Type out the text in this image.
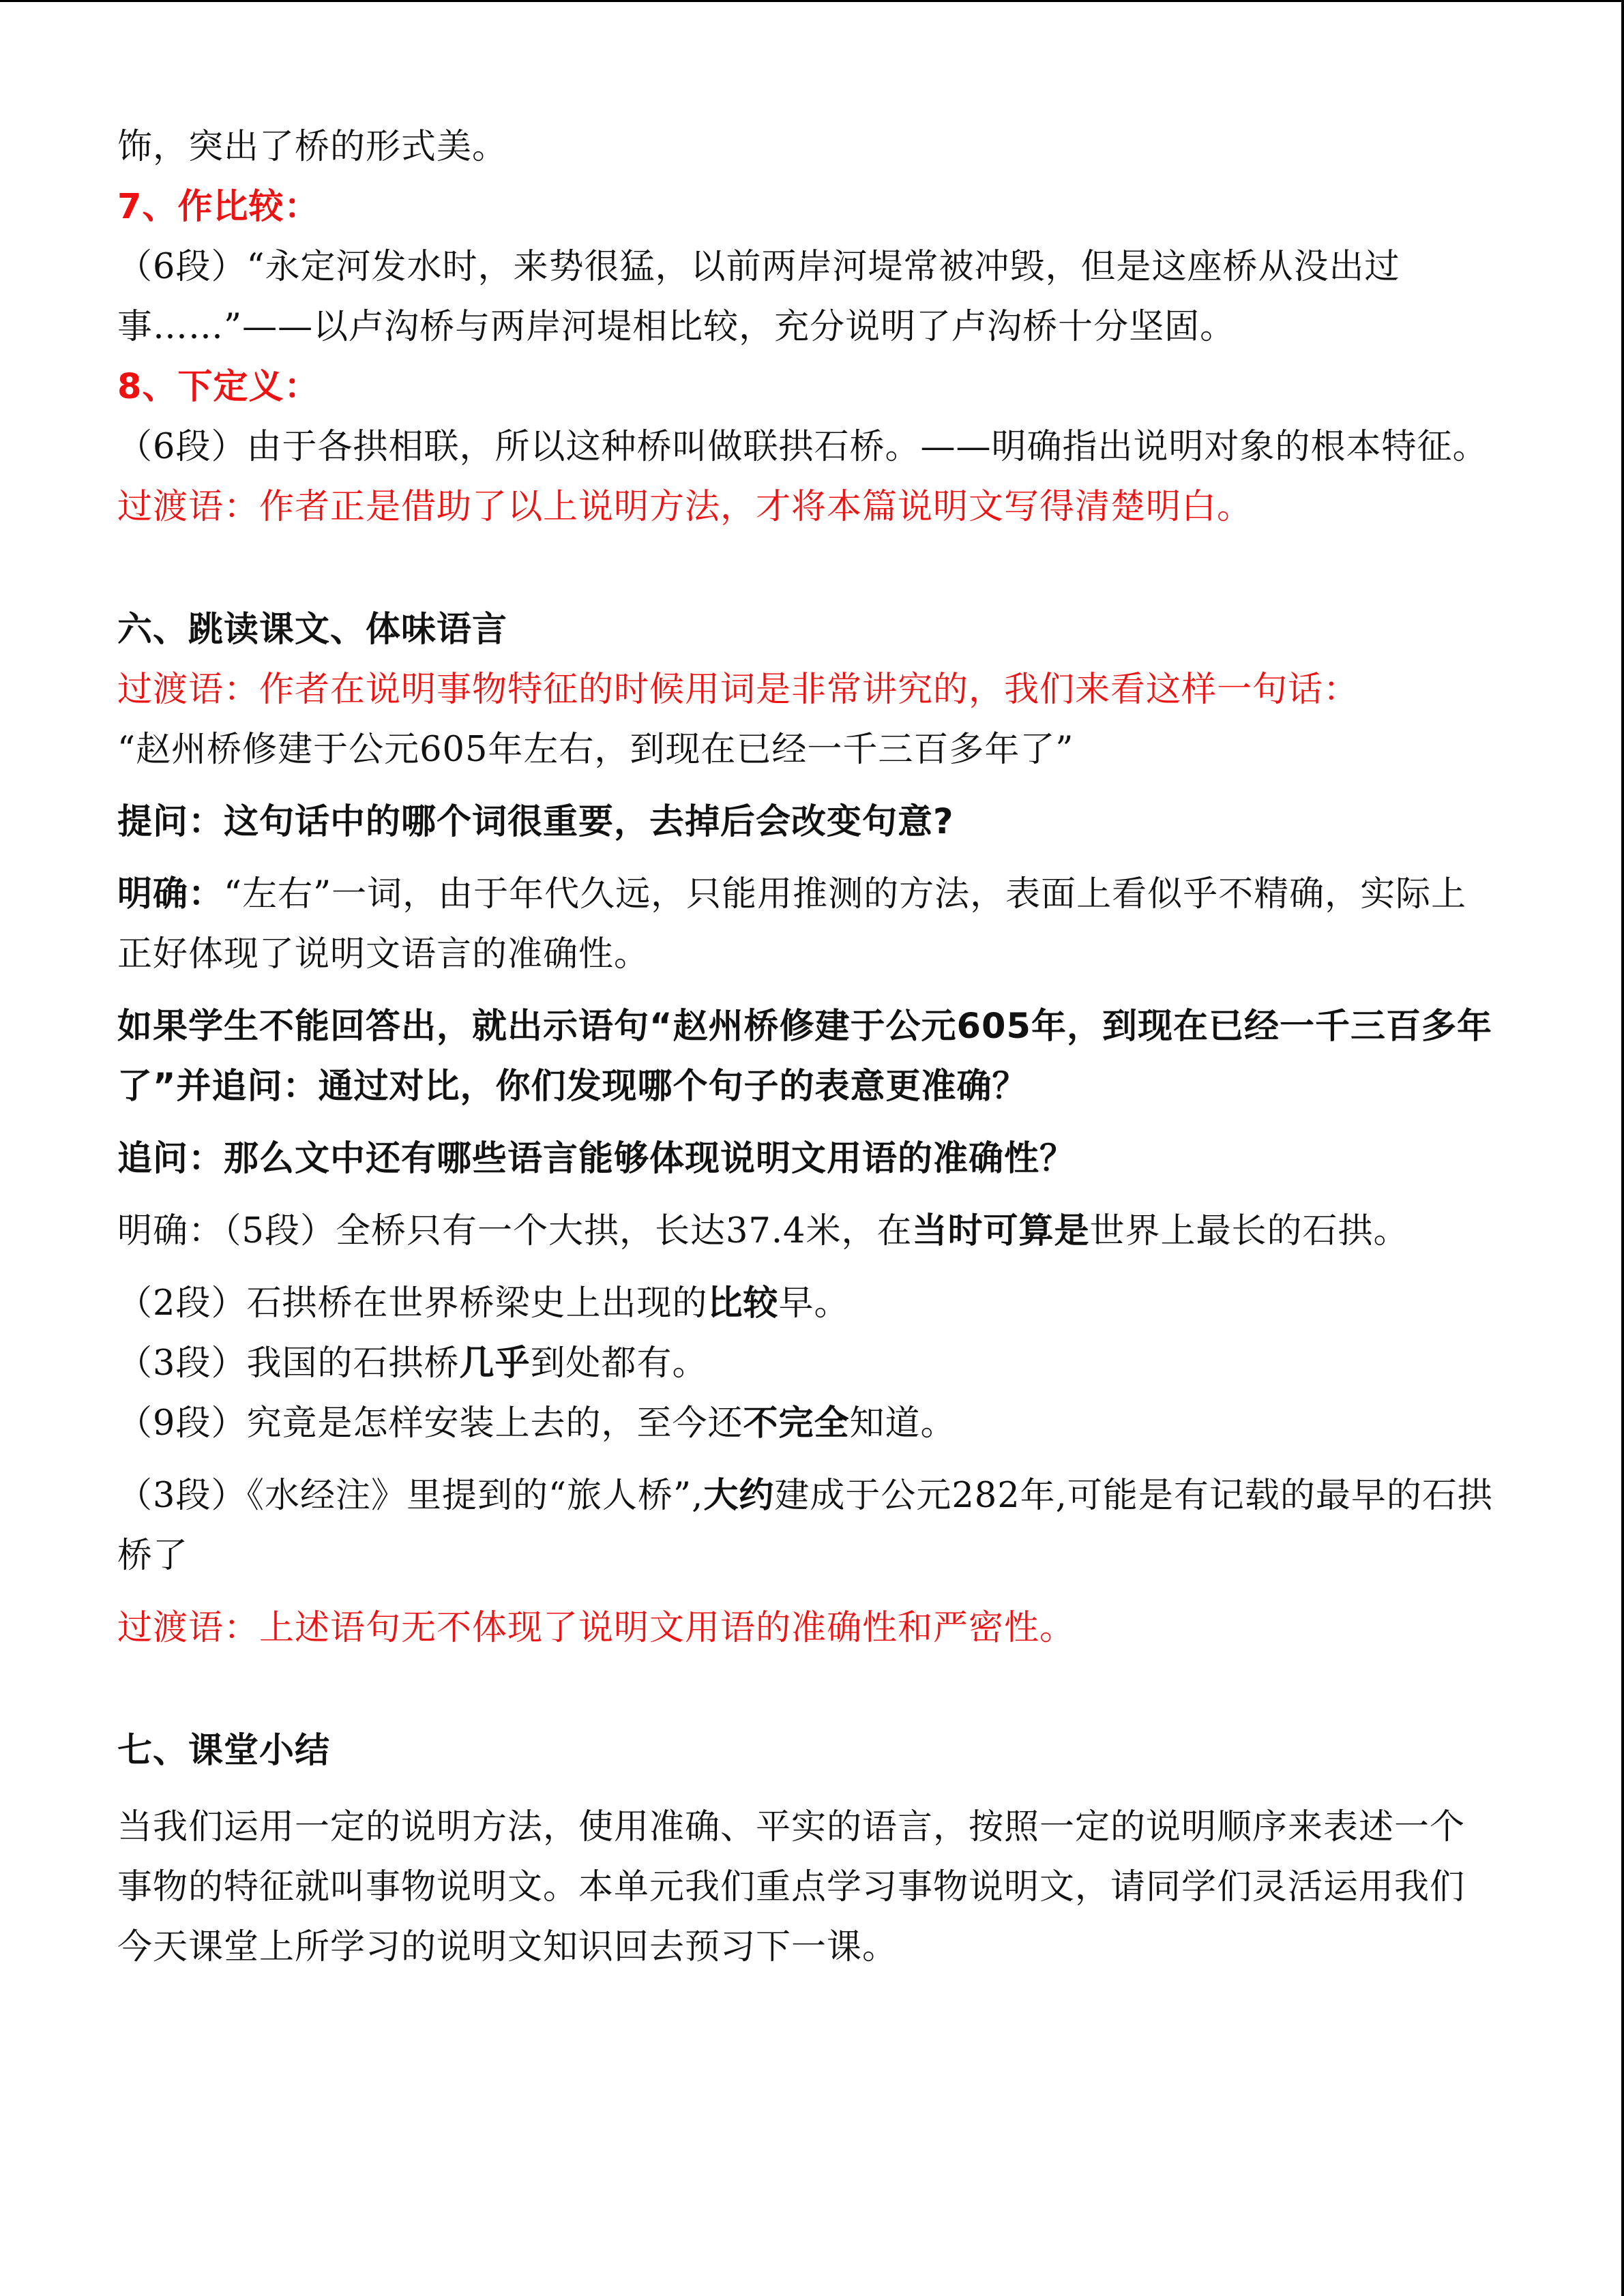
饰，突出了桥的形式美。

7、作比较：

（6段）“永定河发水时，来势很猛，以前两岸河堤常被冲毁，但是这座桥从没出过事……”——以卢沟桥与两岸河堤相比较，充分说明了卢沟桥十分坚固。

8、下定义：

（6段）由于各拱相联，所以这种桥叫做联拱石桥。——明确指出说明对象的根本特征。

过渡语：作者正是借助了以上说明方法，才将本篇说明文写得清楚明白。

六、跳读课文、体味语言

过渡语：作者在说明事物特征的时候用词是非常讲究的，我们来看这样一句话：

“赵州桥修建于公元605年左右，到现在已经一千三百多年了”

提问：这句话中的哪个词很重要，去掉后会改变句意?

明确：“左右”一词，由于年代久远，只能用推测的方法，表面上看似乎不精确，实际上正好体现了说明文语言的准确性。

如果学生不能回答出，就出示语句“赵州桥修建于公元605年，到现在已经一千三百多年了”并追问：通过对比，你们发现哪个句子的表意更准确？

追问：那么文中还有哪些语言能够体现说明文用语的准确性？

明确：（5段）全桥只有一个大拱，长达37.4米，在当时可算是世界上最长的石拱。

（2段）石拱桥在世界桥梁史上出现的比较早。

（3段）我国的石拱桥几乎到处都有。

（9段）究竟是怎样安装上去的，至今还不完全知道。

（3段）《水经注》里提到的“旅人桥”,大约建成于公元282年,可能是有记载的最早的石拱桥了

过渡语：上述语句无不体现了说明文用语的准确性和严密性。

七、课堂小结

当我们运用一定的说明方法，使用准确、平实的语言，按照一定的说明顺序来表述一个事物的特征就叫事物说明文。本单元我们重点学习事物说明文，请同学们灵活运用我们今天课堂上所学习的说明文知识回去预习下一课。
